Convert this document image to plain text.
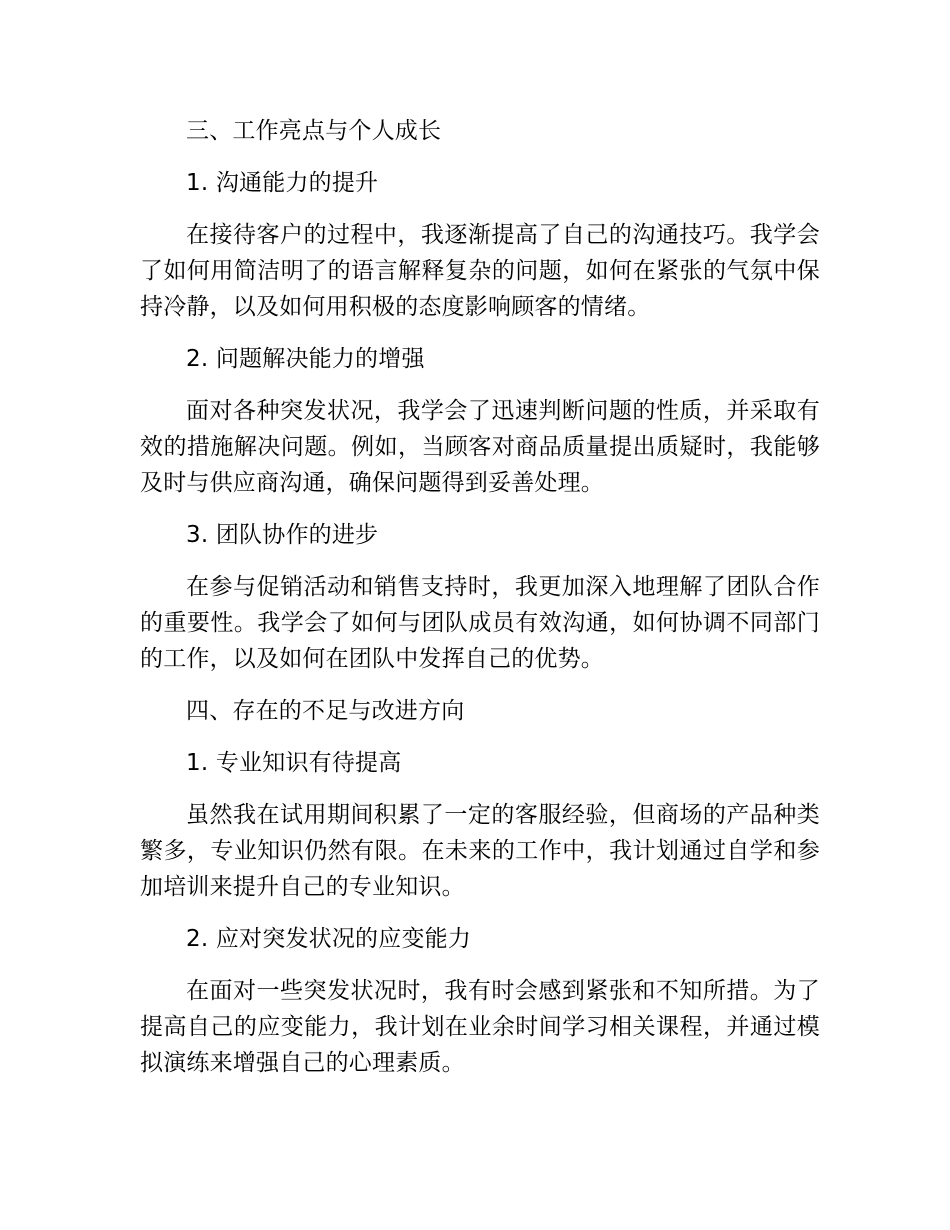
三、工作亮点与个人成长

1. 沟通能力的提升

在接待客户的过程中，我逐渐提高了自己的沟通技巧。我学会了如何用简洁明了的语言解释复杂的问题，如何在紧张的气氛中保持冷静，以及如何用积极的态度影响顾客的情绪。

2. 问题解决能力的增强

面对各种突发状况，我学会了迅速判断问题的性质，并采取有效的措施解决问题。例如，当顾客对商品质量提出质疑时，我能够及时与供应商沟通，确保问题得到妥善处理。

3. 团队协作的进步

在参与促销活动和销售支持时，我更加深入地理解了团队合作的重要性。我学会了如何与团队成员有效沟通，如何协调不同部门的工作，以及如何在团队中发挥自己的优势。

四、存在的不足与改进方向

1. 专业知识有待提高

虽然我在试用期间积累了一定的客服经验，但商场的产品种类繁多，专业知识仍然有限。在未来的工作中，我计划通过自学和参加培训来提升自己的专业知识。

2. 应对突发状况的应变能力

在面对一些突发状况时，我有时会感到紧张和不知所措。为了提高自己的应变能力，我计划在业余时间学习相关课程，并通过模拟演练来增强自己的心理素质。
